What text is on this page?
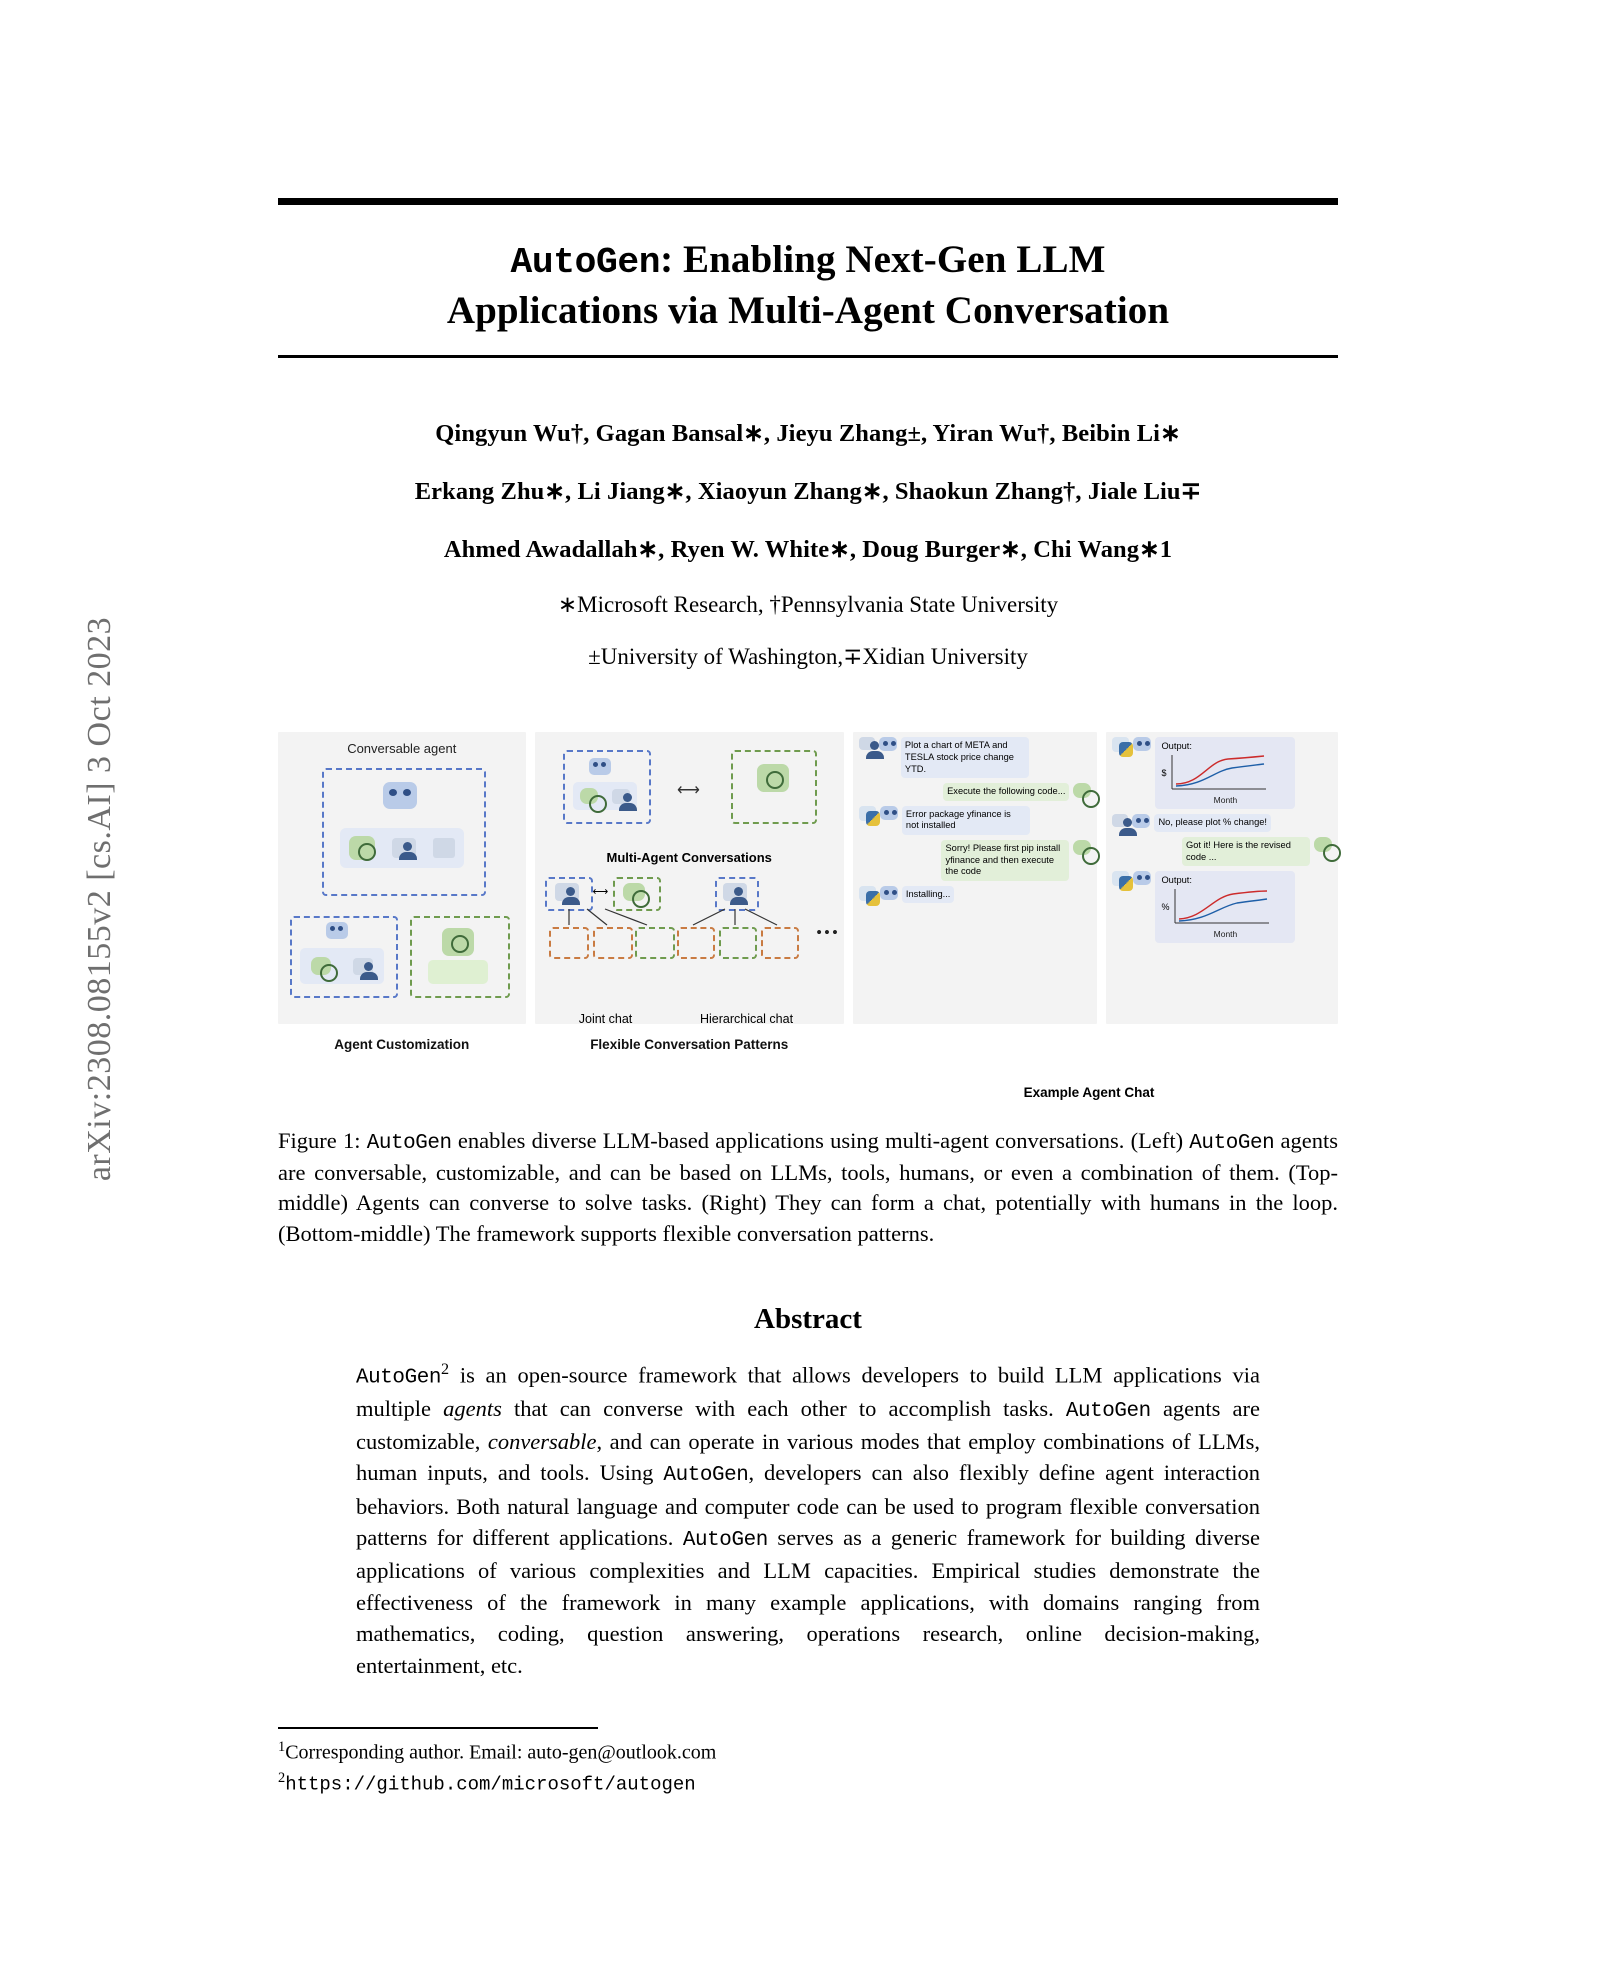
arXiv:2308.08155v2 [cs.AI] 3 Oct 2023
AutoGen: Enabling Next-Gen LLM
Applications via Multi-Agent Conversation
Qingyun Wu†, Gagan Bansal∗, Jieyu Zhang±, Yiran Wu†, Beibin Li∗
Erkang Zhu∗, Li Jiang∗, Xiaoyun Zhang∗, Shaokun Zhang†, Jiale Liu∓
Ahmed Awadallah∗, Ryen W. White∗, Doug Burger∗, Chi Wang∗1
∗Microsoft Research, †Pennsylvania State University
±University of Washington,∓Xidian University
Conversable agent
Agent Customization
⟷
Multi-Agent Conversations
⟷
•••
Joint chat	Hierarchical chat
Flexible Conversation Patterns
Plot a chart of META and TESLA stock price change YTD.
Execute the following code...
Error package yfinance is not installed
Sorry! Please first pip install yfinance and then execute the code
Installing...
Output:
$
Month
No, please plot % change!
Got it! Here is the revised code ...
Output:
%
Month
Example Agent Chat

Figure 1: AutoGen enables diverse LLM-based applications using multi-agent conversations. (Left) AutoGen agents are conversable, customizable, and can be based on LLMs, tools, humans, or even a combination of them. (Top-middle) Agents can converse to solve tasks. (Right) They can form a chat, potentially with humans in the loop. (Bottom-middle) The framework supports flexible conversation patterns.

Abstract

AutoGen$^2$ is an open-source framework that allows developers to build LLM applications via multiple agents that can converse with each other to accomplish tasks. AutoGen agents are customizable, conversable, and can operate in various modes that employ combinations of LLMs, human inputs, and tools. Using AutoGen, developers can also flexibly define agent interaction behaviors. Both natural language and computer code can be used to program flexible conversation patterns for different applications. AutoGen serves as a generic framework for building diverse applications of various complexities and LLM capacities. Empirical studies demonstrate the effectiveness of the framework in many example applications, with domains ranging from mathematics, coding, question answering, operations research, online decision-making, entertainment, etc.

$^1$Corresponding author. Email: auto-gen@outlook.com
$^2$https://github.com/microsoft/autogen
